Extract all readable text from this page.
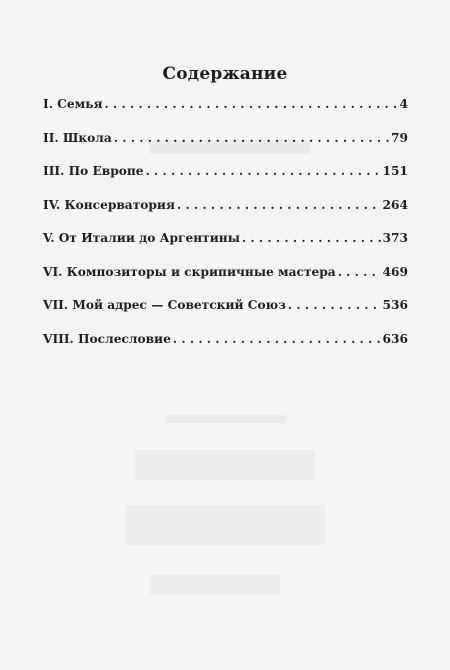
Содержание
I. Семья . . .	4
II. Школа . . .	79
III. По Европе . . .	151
IV. Консерватория . . .	264
V. От Италии до Аргентины . . .	373
VI. Композиторы и скрипичные мастера . . .	469
VII. Мой адрес — Советский Союз . . .	536
VIII. Послесловие . . .	636
